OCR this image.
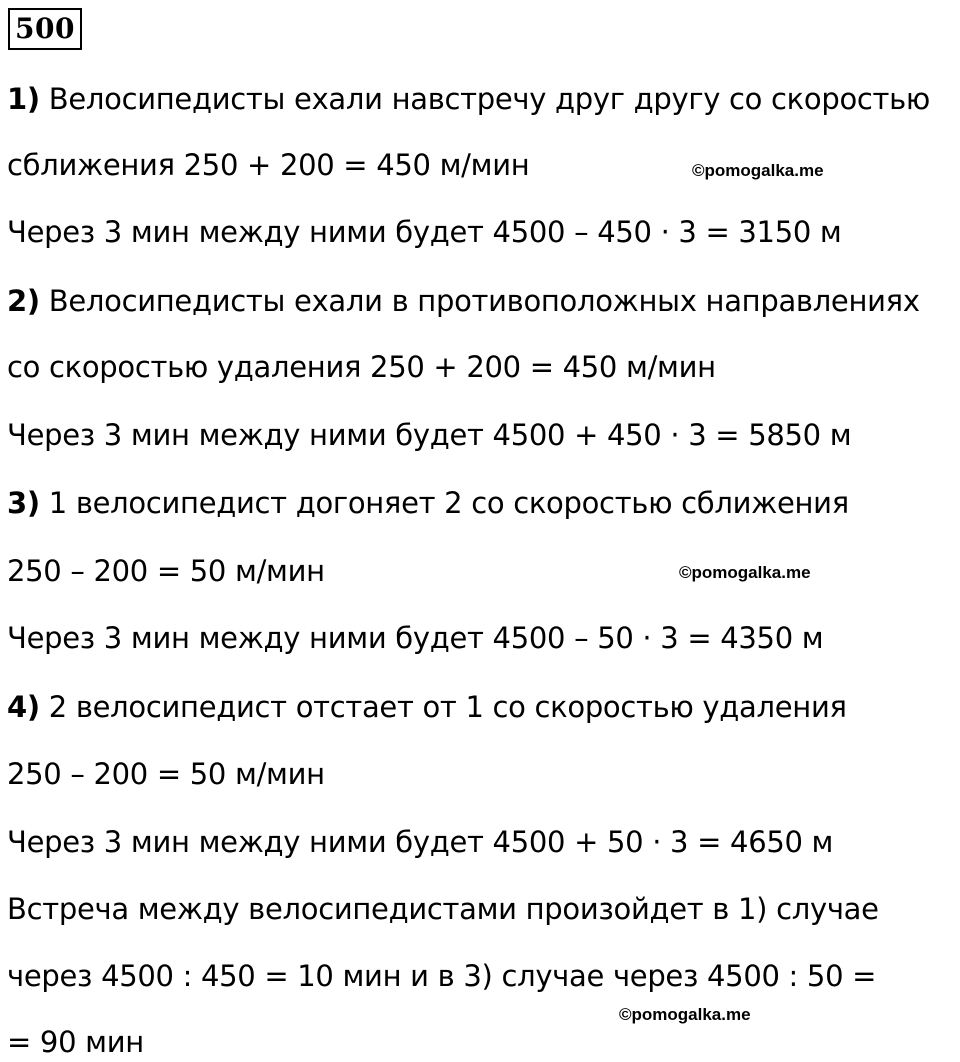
500
1) Велосипедисты ехали навстречу друг другу со скоростью
сближения 250 + 200 = 450 м/мин
Через 3 мин между ними будет 4500 – 450 · 3 = 3150 м
2) Велосипедисты ехали в противоположных направлениях
со скоростью удаления 250 + 200 = 450 м/мин
Через 3 мин между ними будет 4500 + 450 · 3 = 5850 м
3) 1 велосипедист догоняет 2 со скоростью сближения
250 – 200 = 50 м/мин
Через 3 мин между ними будет 4500 – 50 · 3 = 4350 м
4) 2 велосипедист отстает от 1 со скоростью удаления
250 – 200 = 50 м/мин
Через 3 мин между ними будет 4500 + 50 · 3 = 4650 м
Встреча между велосипедистами произойдет в 1) случае
через 4500 : 450 = 10 мин и в 3) случае через 4500 : 50 =
= 90 мин
©pomogalka.me
©pomogalka.me
©pomogalka.me
